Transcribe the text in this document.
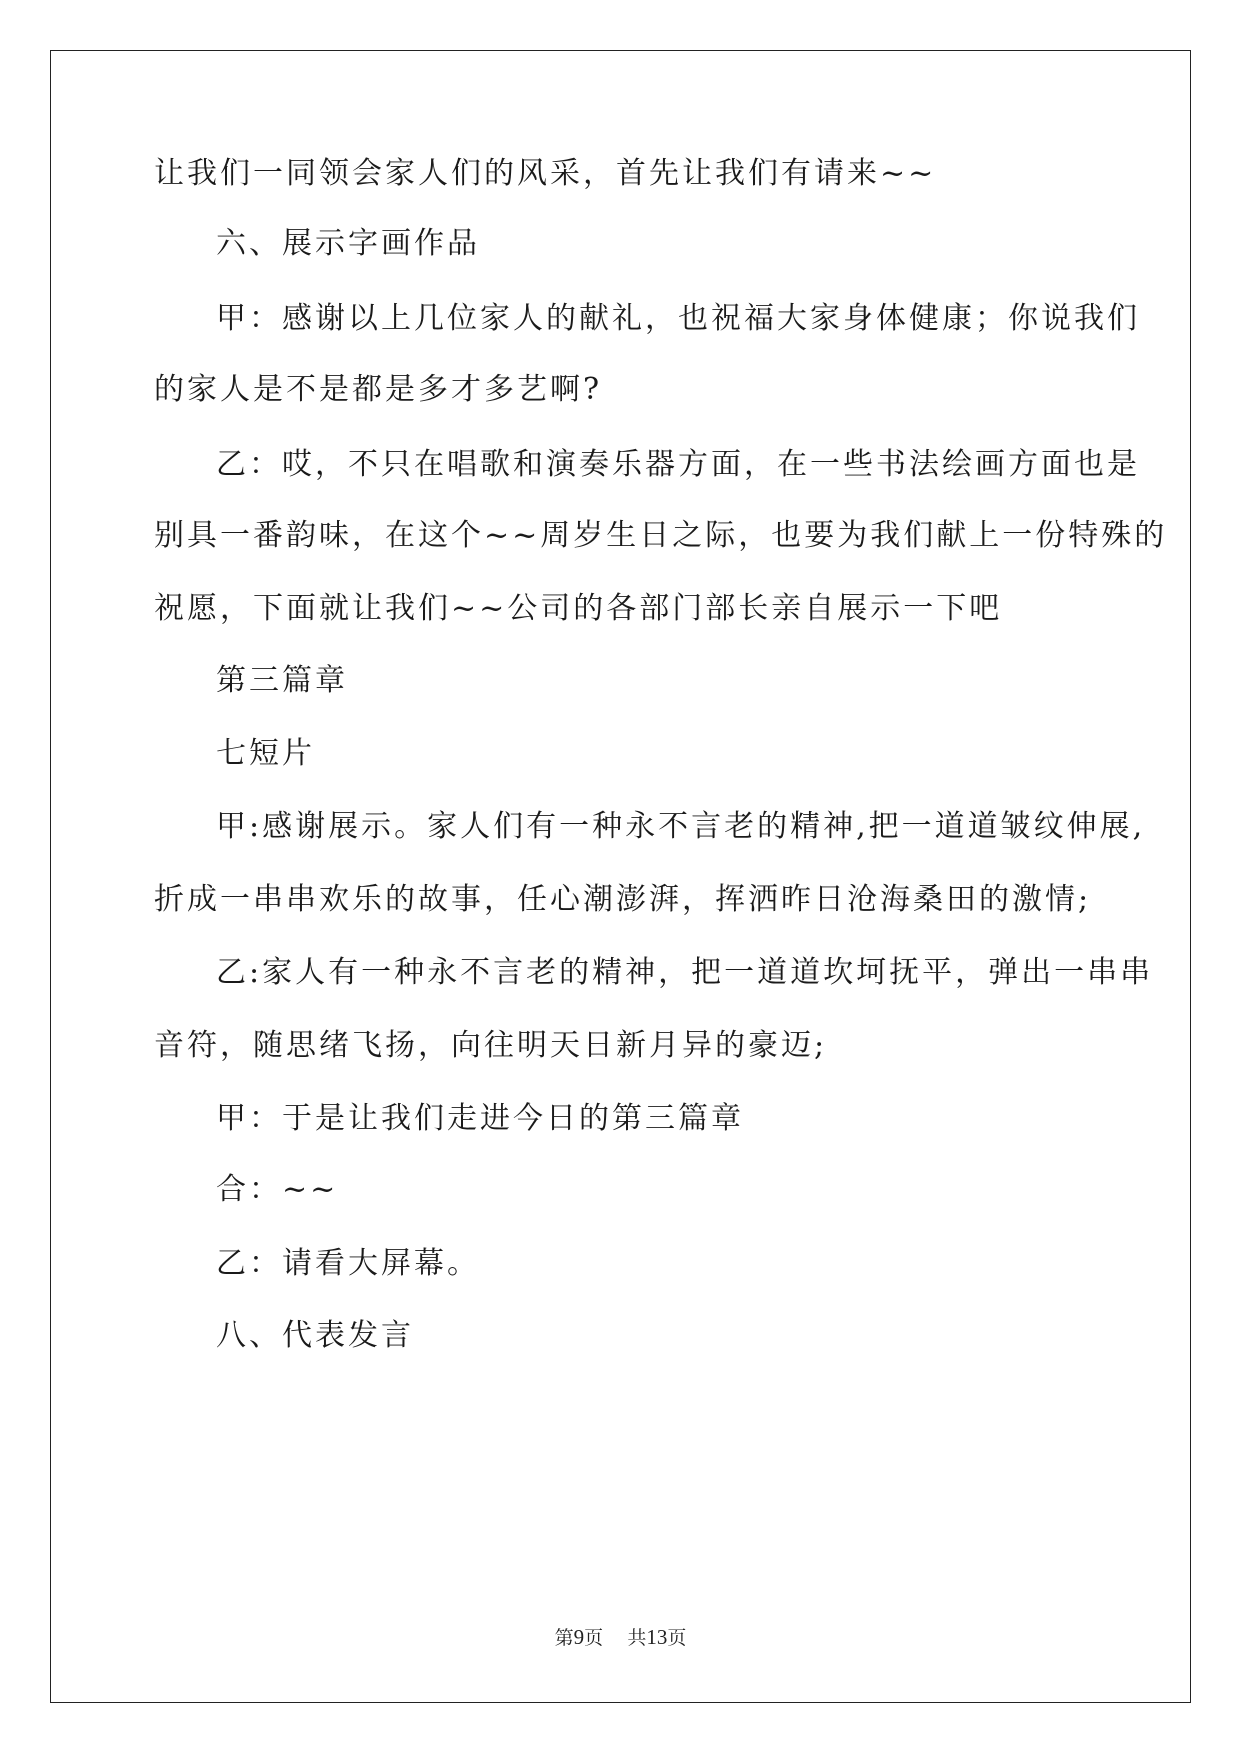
让我们一同领会家人们的风采，首先让我们有请来~~
六、展示字画作品
甲：感谢以上几位家人的献礼，也祝福大家身体健康；你说我们
的家人是不是都是多才多艺啊?
乙：哎，不只在唱歌和演奏乐器方面，在一些书法绘画方面也是
别具一番韵味，在这个~~周岁生日之际，也要为我们献上一份特殊的
祝愿，下面就让我们~~公司的各部门部长亲自展示一下吧
第三篇章
七短片
甲:感谢展示。家人们有一种永不言老的精神,把一道道皱纹伸展,
折成一串串欢乐的故事，任心潮澎湃，挥洒昨日沧海桑田的激情;
乙:家人有一种永不言老的精神，把一道道坎坷抚平，弹出一串串
音符，随思绪飞扬，向往明天日新月异的豪迈;
甲：于是让我们走进今日的第三篇章
合：~~
乙：请看大屏幕。
八、代表发言
第9页 共13页
